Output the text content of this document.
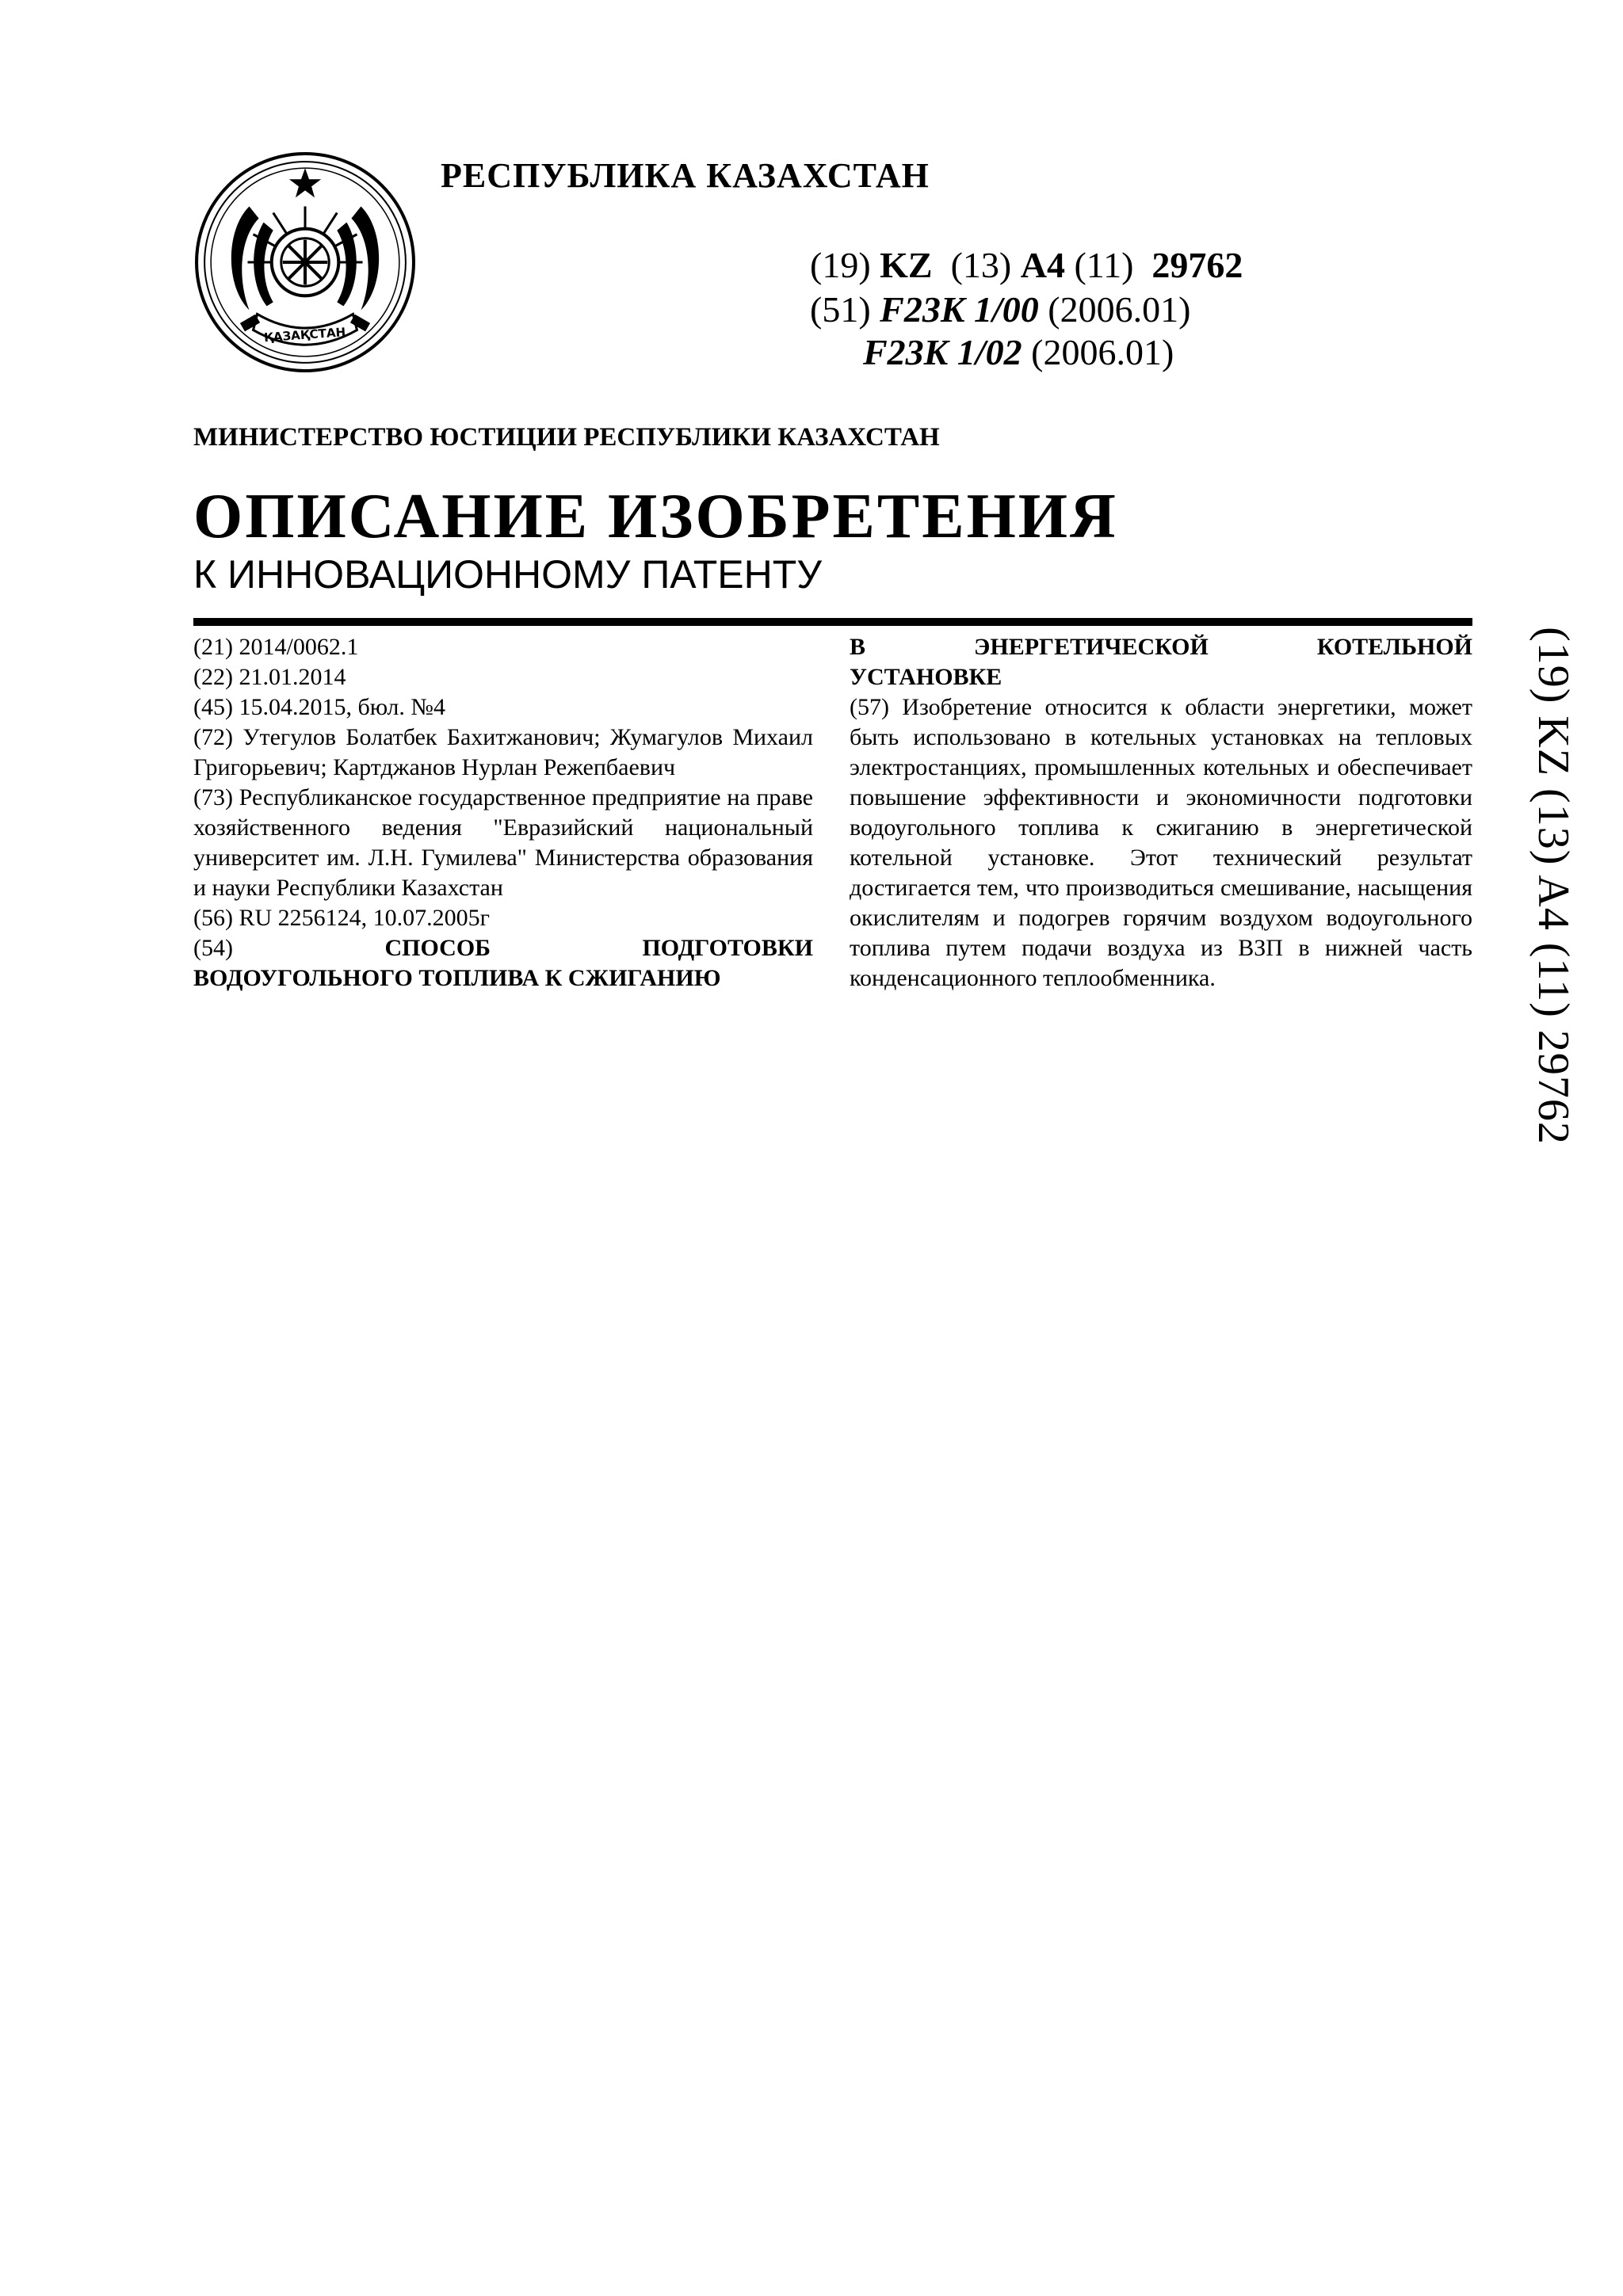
ҚАЗАҚСТАН
РЕСПУБЛИКА КАЗАХСТАН
(19) KZ (13) A4 (11) 29762
(51) F23K 1/00 (2006.01)
F23K 1/02 (2006.01)
МИНИСТЕРСТВО ЮСТИЦИИ РЕСПУБЛИКИ КАЗАХСТАН
ОПИСАНИЕ ИЗОБРЕТЕНИЯ
К ИННОВАЦИОННОМУ ПАТЕНТУ

(21) 2014/0062.1

(22) 21.01.2014

(45) 15.04.2015, бюл. №4

(72) Утегулов Болатбек Бахитжанович; Жумагулов Михаил Григорьевич; Картджанов Нурлан Режепбаевич

(73) Республиканское государственное предприятие на праве хозяйственного ведения "Евразийский национальный университет им. Л.Н. Гумилева" Министерства образования и науки Республики Казахстан

(56) RU 2256124, 10.07.2005г

(54)	СПОСОБ ПОДГОТОВКИ
ВОДОУГОЛЬНОГО ТОПЛИВА К СЖИГАНИЮ

В ЭНЕРГЕТИЧЕСКОЙ КОТЕЛЬНОЙ
УСТАНОВКЕ

(57) Изобретение относится к области энергетики, может быть использовано в котельных установках на тепловых электростанциях, промышленных котельных и обеспечивает повышение эффективности и экономичности подготовки водоугольного топлива к сжиганию в энергетической котельной установке. Этот технический результат достигается тем, что производиться смешивание, насыщения окислителям и подогрев горячим воздухом водоугольного топлива путем подачи воздуха из ВЗП в нижней часть конденсационного теплообменника.	(19) KZ (13) A4 (11) 29762
